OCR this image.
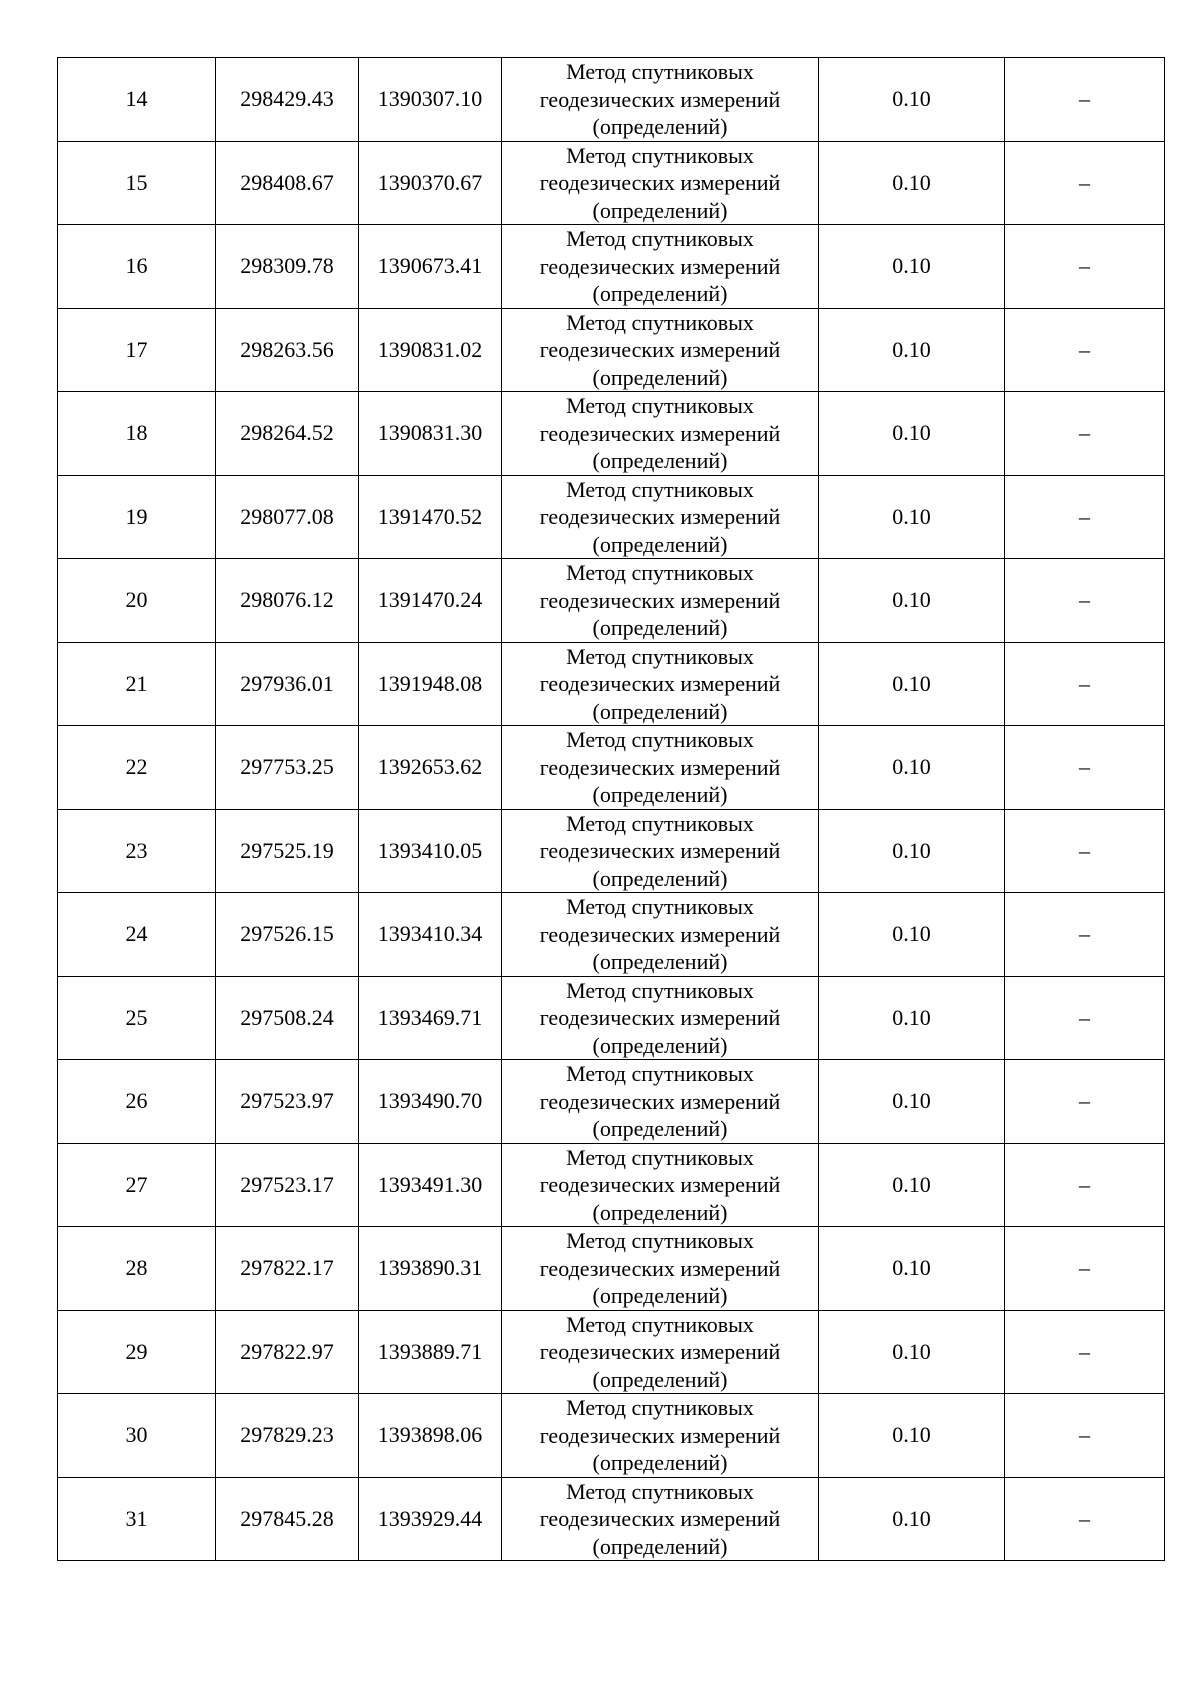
14	298429.43	1390307.10	Метод спутниковых
геодезических измерений
(определений)	0.10	–
15	298408.67	1390370.67	Метод спутниковых
геодезических измерений
(определений)	0.10	–
16	298309.78	1390673.41	Метод спутниковых
геодезических измерений
(определений)	0.10	–
17	298263.56	1390831.02	Метод спутниковых
геодезических измерений
(определений)	0.10	–
18	298264.52	1390831.30	Метод спутниковых
геодезических измерений
(определений)	0.10	–
19	298077.08	1391470.52	Метод спутниковых
геодезических измерений
(определений)	0.10	–
20	298076.12	1391470.24	Метод спутниковых
геодезических измерений
(определений)	0.10	–
21	297936.01	1391948.08	Метод спутниковых
геодезических измерений
(определений)	0.10	–
22	297753.25	1392653.62	Метод спутниковых
геодезических измерений
(определений)	0.10	–
23	297525.19	1393410.05	Метод спутниковых
геодезических измерений
(определений)	0.10	–
24	297526.15	1393410.34	Метод спутниковых
геодезических измерений
(определений)	0.10	–
25	297508.24	1393469.71	Метод спутниковых
геодезических измерений
(определений)	0.10	–
26	297523.97	1393490.70	Метод спутниковых
геодезических измерений
(определений)	0.10	–
27	297523.17	1393491.30	Метод спутниковых
геодезических измерений
(определений)	0.10	–
28	297822.17	1393890.31	Метод спутниковых
геодезических измерений
(определений)	0.10	–
29	297822.97	1393889.71	Метод спутниковых
геодезических измерений
(определений)	0.10	–
30	297829.23	1393898.06	Метод спутниковых
геодезических измерений
(определений)	0.10	–
31	297845.28	1393929.44	Метод спутниковых
геодезических измерений
(определений)	0.10	–
